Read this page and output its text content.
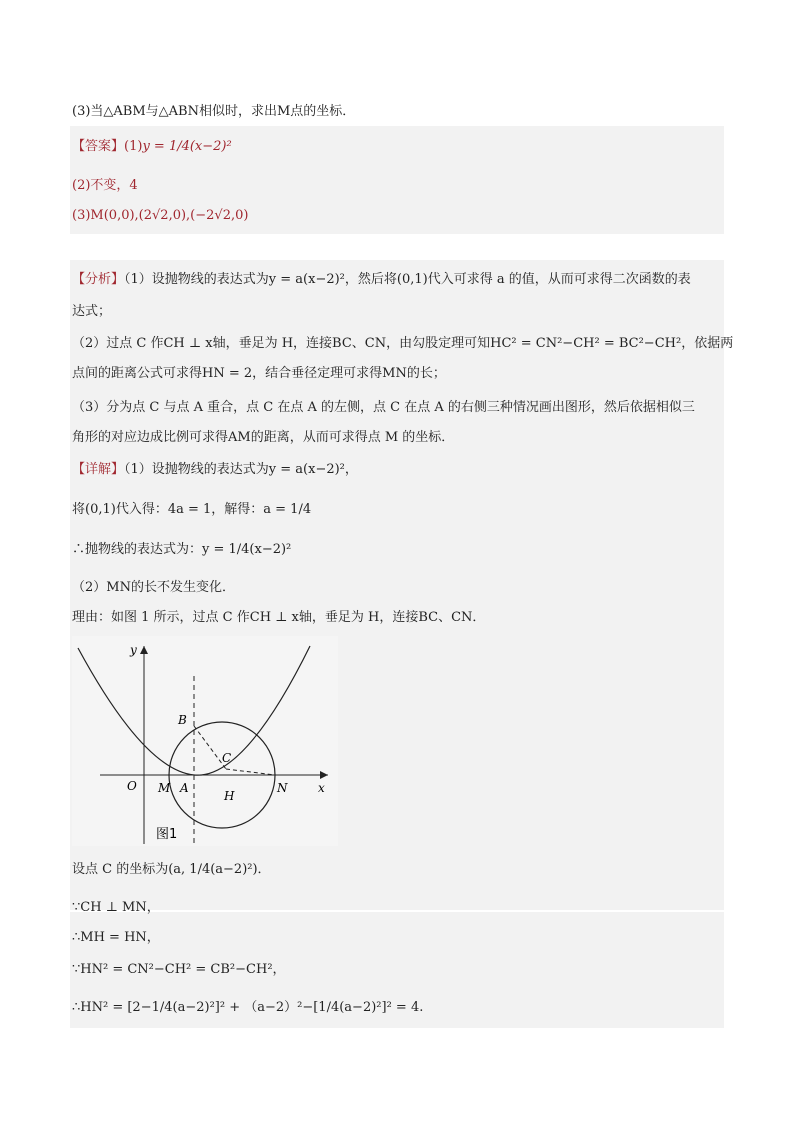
(3)当△ABM与△ABN相似时，求出M点的坐标．
【答案】(1)y = 1/4(x−2)²
(2)不变，4
(3)M(0,0),(2√2,0),(−2√2,0)
【分析】（1）设抛物线的表达式为y = a(x−2)²，然后将(0,1)代入可求得 a 的值，从而可求得二次函数的表
达式；
（2）过点 C 作CH ⊥ x轴，垂足为 H，连接BC、CN，由勾股定理可知HC² = CN²−CH² = BC²−CH²，依据两
点间的距离公式可求得HN = 2，结合垂径定理可求得MN的长；
（3）分为点 C 与点 A 重合，点 C 在点 A 的左侧，点 C 在点 A 的右侧三种情况画出图形，然后依据相似三
角形的对应边成比例可求得AM的距离，从而可求得点 M 的坐标．
【详解】（1）设抛物线的表达式为y = a(x−2)²，
将(0,1)代入得：4a = 1，解得：a = 1/4
∴抛物线的表达式为：y = 1/4(x−2)²
（2）MN的长不发生变化．
理由：如图 1 所示，过点 C 作CH ⊥ x轴，垂足为 H，连接BC、CN．
y
x
O M A
B
C
H
N
图1
设点 C 的坐标为(a, 1/4(a−2)²)．
∵CH ⊥ MN，
∴MH = HN，
∵HN² = CN²−CH² = CB²−CH²，
∴HN² = [2−1/4(a−2)²]² + （a−2）²−[1/4(a−2)²]² = 4.
